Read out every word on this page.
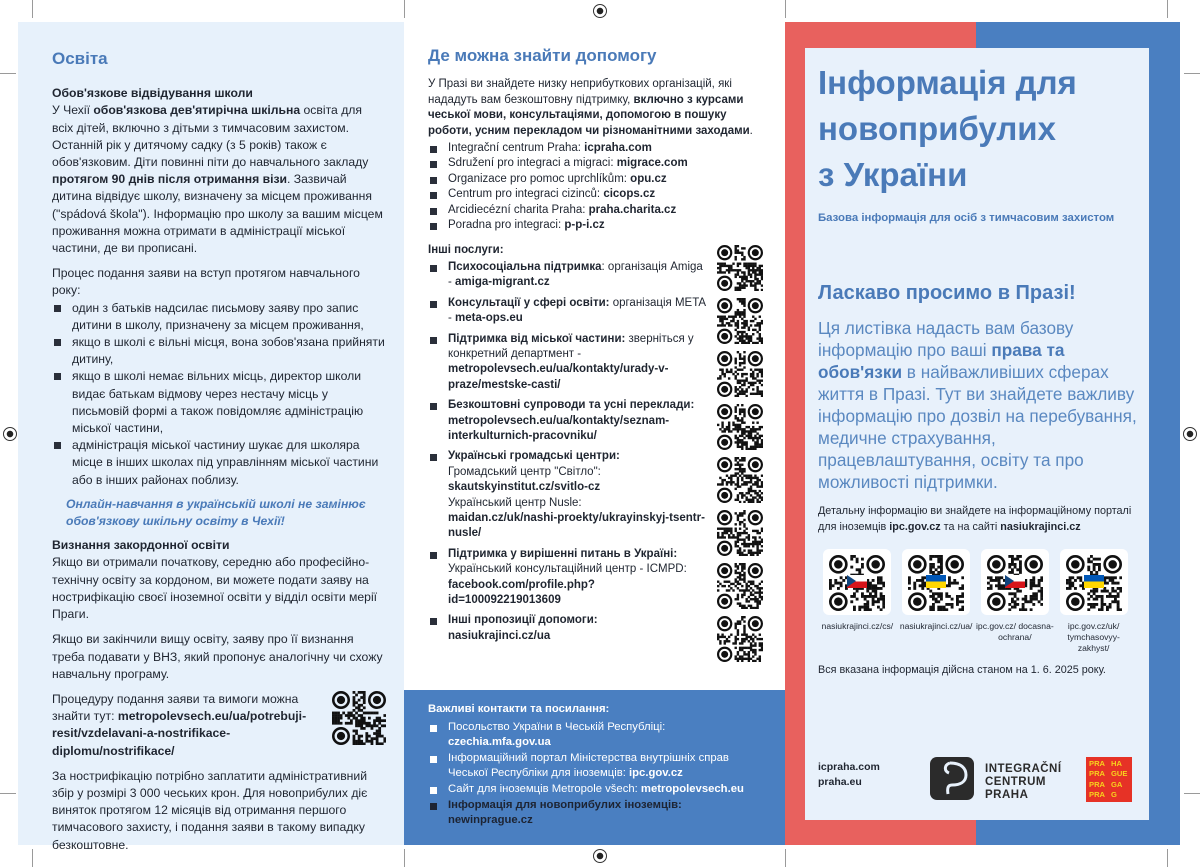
Освіта
Обов'язкове відвідування школи
У Чехії обов'язкова дев'ятирічна шкільна освіта для всіх дітей, включно з дітьми з тимчасовим захистом. Останній рік у дитячому садку (з 5 років) також є обов'язковим. Діти повинні піти до навчального закладу протягом 90 днів після отримання візи. Зазвичай дитина відвідує школу, визначену за місцем проживання ("spádová škola"). Інформацію про школу за вашим місцем проживання можна отримати в адміністрації міської частини, де ви прописані.
Процес подання заяви на вступ протягом навчального року:
один з батьків надсилає письмову заяву про запис дитини в школу, призначену за місцем проживання,
якщо в школі є вільні місця, вона зобов'язана прийняти дитину,
якщо в школі немає вільних місць, директор школи видає батькам відмову через нестачу місць у письмовій формі а також повідомляє адміністрацію міської частини,
адміністрація міської частиниу шукає для школяра місце в інших школах під управлінням міської частини або в інших районах поблизу.
Онлайн-навчання в українській школі не замінює обов'язкову шкільну освіту в Чехії!
Визнання закордонної освіти
Якщо ви отримали початкову, середню або професійно-технічну освіту за кордоном, ви можете подати заяву на нострифікацію своєї іноземної освіти у відділ освіти мерії Праги.
Якщо ви закінчили вищу освіту, заяву про її визнання треба подавати у ВНЗ, який пропонує аналогічну чи схожу навчальну програму.
Процедуру подання заяви та вимоги можна знайти тут: metropolevsech.eu/ua/potrebuji-resit/vzdelavani-a-nostrifikace-diplomu/nostrifikace/
За нострифікацію потрібно заплатити адміністративний збір у розмірі 3 000 чеських крон. Для новоприбулих діє виняток протягом 12 місяців від отримання першого тимчасового захисту, і подання заяви в такому випадку безкоштовне.
Де можна знайти допомогу
У Празі ви знайдете низку неприбуткових організацій, які нададуть вам безкоштовну підтримку, включно з курсами чеської мови, консультаціями, допомогою в пошуку роботи, усним перекладом чи різноманітними заходами.
Integrační centrum Praha: icpraha.com
Sdružení pro integraci a migraci: migrace.com
Organizace pro pomoc uprchlíkům: opu.cz
Centrum pro integraci cizinců: cicops.cz
Arcidiecézní charita Praha: praha.charita.cz
Poradna pro integraci: p-p-i.cz
Інші послуги:
Психосоціальна підтримка: організація Amiga - amiga-migrant.cz
Консультації у сфері освіти: організація META - meta-ops.eu
Підтримка від міської частини: зверніться у конкретний департмент - metropolevsech.eu/ua/kontakty/urady-v-praze/mestske-casti/
Безкоштовні супроводи та усні переклади: metropolevsech.eu/ua/kontakty/seznam-interkulturnich-pracovniku/
Українські громадські центри:
Громадський центр "Світло":
skautskyinstitut.cz/svitlo-cz
Український центр Nusle:
maidan.cz/uk/nashi-proekty/ukrayinskyj-tsentr-nusle/
Підтримка у вирішенні питань в Україні:
Український консультаційний центр - ICMPD:
facebook.com/profile.php?id=100092219013609
Інші пропозиції допомоги:
nasiukrajinci.cz/ua
Важливі контакти та посилання:
Посольство України в Чеській Республіці:
czechia.mfa.gov.ua
Інформаційний портал Міністерства внутрішніх справ Чеської Республіки для іноземців: ipc.gov.cz
Сайт для іноземців Metropole všech: metropolevsech.eu
Інформація для новоприбулих іноземців:
newinprague.cz
Інформація для
новоприбулих
з України
Базова інформація для осіб з тимчасовим захистом
Ласкаво просимо в Празі!
Ця листівка надасть вам базову інформацію про ваші права та обов'язки в найважливіших сферах життя в Празі. Тут ви знайдете важливу інформацію про дозвіл на перебування, медичне страхування, працевлаштування, освіту та про можливості підтримки.
Детальну інформацію ви знайдете на інформаційному порталі для іноземців ipc.gov.cz та на сайті nasiukrajinci.cz
nasiukrajinci.cz/cs/ nasiukrajinci.cz/ua/ ipc.gov.cz/ docasna-ochrana/
ipc.gov.cz/uk/ tymchasovyy-zakhyst/
Вся вказана інформація дійсна станом на 1. 6. 2025 року.
icpraha.com
praha.eu
INTEGRAČNÍ
CENTRUM
PRAHA
PRA HA
PRA GUE
PRA GA
PRA G
